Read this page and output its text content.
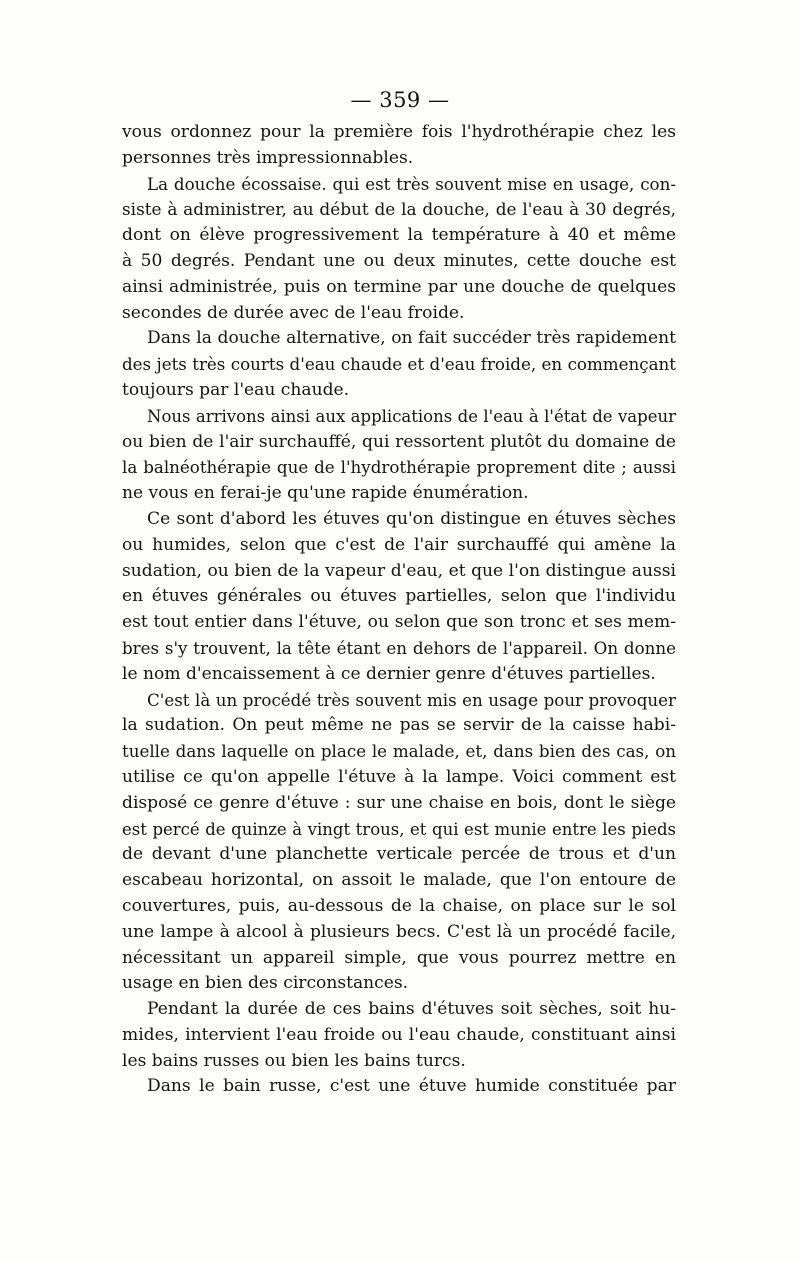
— 359 —
vous ordonnez pour la première fois l'hydrothérapie chez les
personnes très impressionnables.
La douche écossaise. qui est très souvent mise en usage, con-
siste à administrer, au début de la douche, de l'eau à 30 degrés,
dont on élève progressivement la température à 40 et même
à 50 degrés. Pendant une ou deux minutes, cette douche est
ainsi administrée, puis on termine par une douche de quelques
secondes de durée avec de l'eau froide.
Dans la douche alternative, on fait succéder très rapidement
des jets très courts d'eau chaude et d'eau froide, en commençant
toujours par l'eau chaude.
Nous arrivons ainsi aux applications de l'eau à l'état de vapeur
ou bien de l'air surchauffé, qui ressortent plutôt du domaine de
la balnéothérapie que de l'hydrothérapie proprement dite ; aussi
ne vous en ferai-je qu'une rapide énumération.
Ce sont d'abord les étuves qu'on distingue en étuves sèches
ou humides, selon que c'est de l'air surchauffé qui amène la
sudation, ou bien de la vapeur d'eau, et que l'on distingue aussi
en étuves générales ou étuves partielles, selon que l'individu
est tout entier dans l'étuve, ou selon que son tronc et ses mem-
bres s'y trouvent, la tête étant en dehors de l'appareil. On donne
le nom d'encaissement à ce dernier genre d'étuves partielles.
C'est là un procédé très souvent mis en usage pour provoquer
la sudation. On peut même ne pas se servir de la caisse habi-
tuelle dans laquelle on place le malade, et, dans bien des cas, on
utilise ce qu'on appelle l'étuve à la lampe. Voici comment est
disposé ce genre d'étuve : sur une chaise en bois, dont le siège
est percé de quinze à vingt trous, et qui est munie entre les pieds
de devant d'une planchette verticale percée de trous et d'un
escabeau horizontal, on assoit le malade, que l'on entoure de
couvertures, puis, au-dessous de la chaise, on place sur le sol
une lampe à alcool à plusieurs becs. C'est là un procédé facile,
nécessitant un appareil simple, que vous pourrez mettre en
usage en bien des circonstances.
Pendant la durée de ces bains d'étuves soit sèches, soit hu-
mides, intervient l'eau froide ou l'eau chaude, constituant ainsi
les bains russes ou bien les bains turcs.
Dans le bain russe, c'est une étuve humide constituée par
